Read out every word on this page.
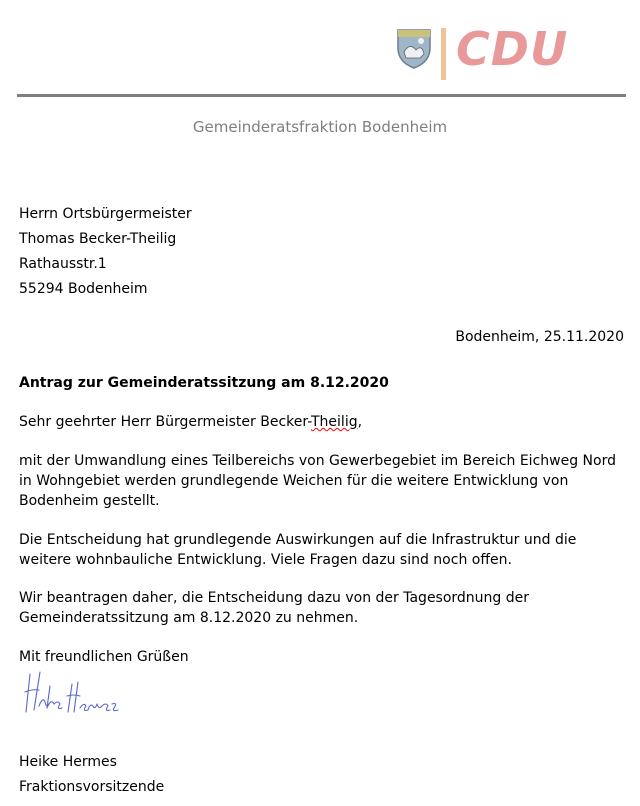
CDU
Gemeinderatsfraktion Bodenheim
Herrn Ortsbürgermeister
Thomas Becker-Theilig
Rathausstr.1
55294 Bodenheim
Bodenheim, 25.11.2020
Antrag zur Gemeinderatssitzung am 8.12.2020
Sehr geehrter Herr Bürgermeister Becker-Theilig,
mit der Umwandlung eines Teilbereichs von Gewerbegebiet im Bereich Eichweg Nord in Wohngebiet werden grundlegende Weichen für die weitere Entwicklung von Bodenheim gestellt.
Die Entscheidung hat grundlegende Auswirkungen auf die Infrastruktur und die weitere wohnbauliche Entwicklung. Viele Fragen dazu sind noch offen.
Wir beantragen daher, die Entscheidung dazu von der Tagesordnung der Gemeinderatssitzung am 8.12.2020 zu nehmen.
Mit freundlichen Grüßen
Heike Hermes
Fraktionsvorsitzende
